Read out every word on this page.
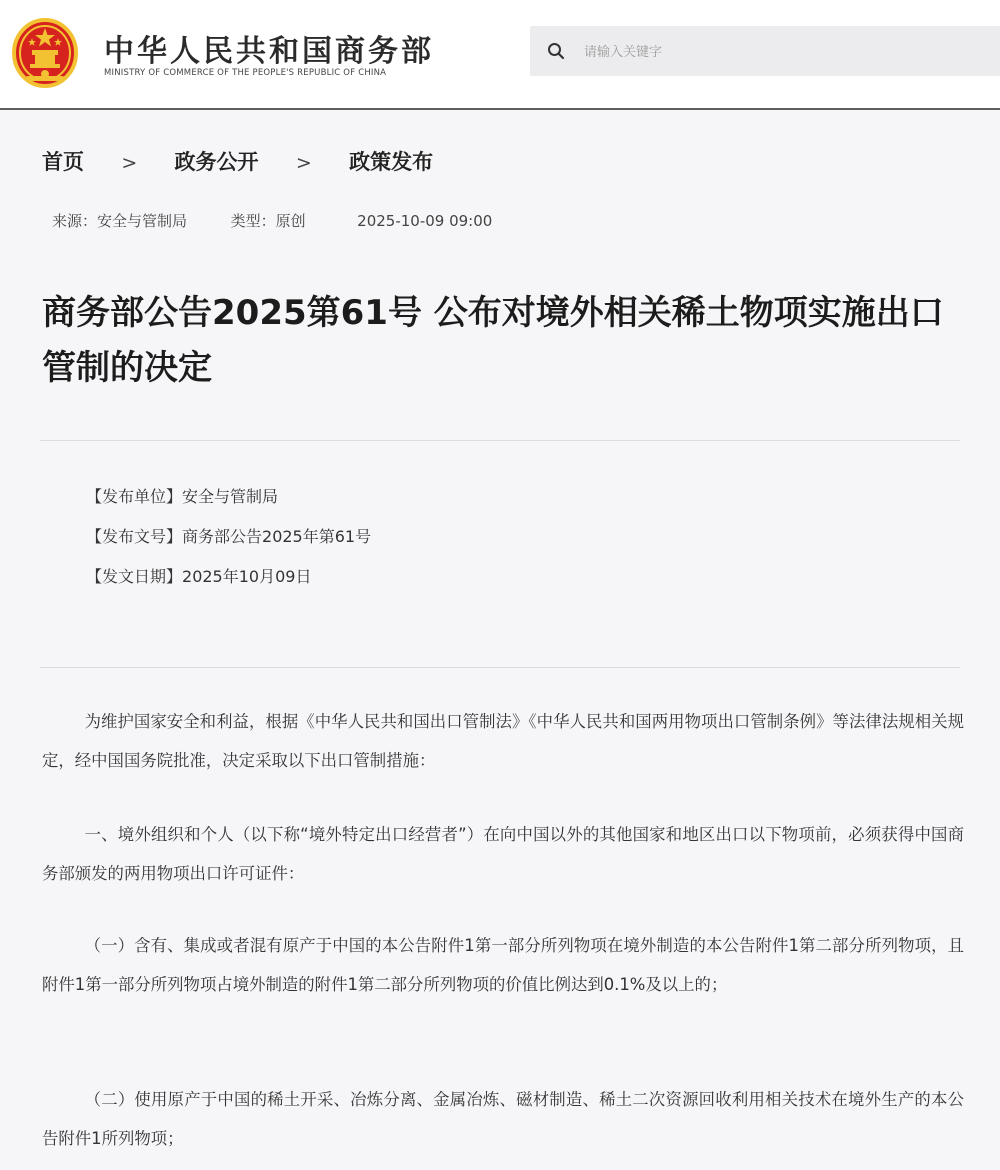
中华人民共和国商务部
MINISTRY OF COMMERCE OF THE PEOPLE'S REPUBLIC OF CHINA
请输入关键字
首页 > 政务公开 > 政策发布
来源：安全与管制局	类型：原创	2025-10-09 09:00
商务部公告2025第61号 公布对境外相关稀土物项实施出口管制的决定
【发布单位】安全与管制局
【发布文号】商务部公告2025年第61号
【发文日期】2025年10月09日

为维护国家安全和利益，根据《中华人民共和国出口管制法》《中华人民共和国两用物项出口管制条例》等法律法规相关规定，经中国国务院批准，决定采取以下出口管制措施：

一、境外组织和个人（以下称“境外特定出口经营者”）在向中国以外的其他国家和地区出口以下物项前，必须获得中国商务部颁发的两用物项出口许可证件：

（一）含有、集成或者混有原产于中国的本公告附件1第一部分所列物项在境外制造的本公告附件1第二部分所列物项，且附件1第一部分所列物项占境外制造的附件1第二部分所列物项的价值比例达到0.1%及以上的；

（二）使用原产于中国的稀土开采、冶炼分离、金属冶炼、磁材制造、稀土二次资源回收利用相关技术在境外生产的本公告附件1所列物项；
